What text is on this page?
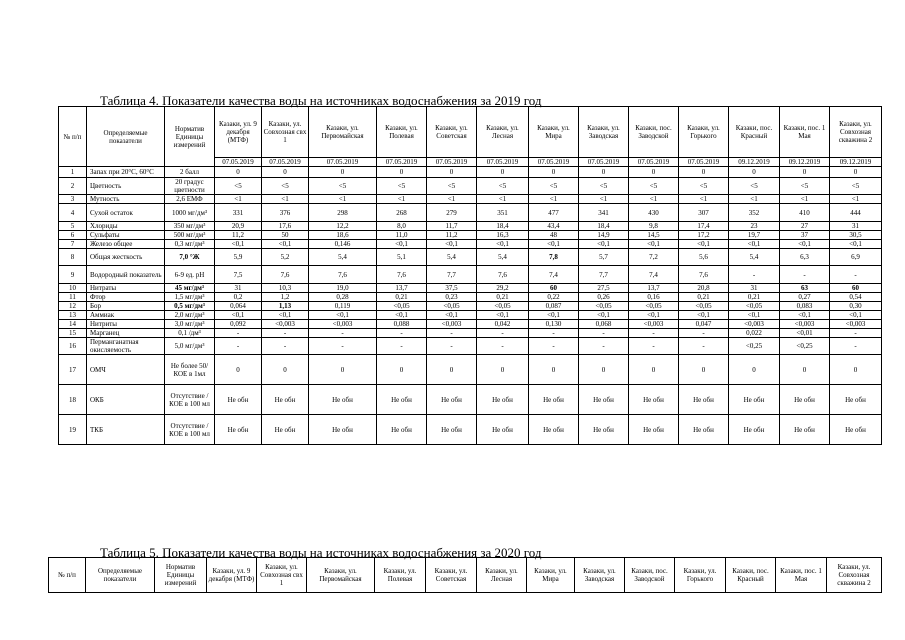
Таблица 4. Показатели качества воды на источниках водоснабжения за 2019 год
№ п/п	Определяемые показатели	Норматив Единицы измерений	Казаки, ул. 9 декабря (МТФ)	Казаки, ул. Совхозная свх 1	Казаки, ул. Первомайская	Казаки, ул. Полевая	Казаки, ул. Советская	Казаки, ул. Лесная	Казаки, ул. Мира	Казаки, ул. Заводская	Казаки, пос. Заводской	Казаки, ул. Горького	Казаки, пос. Красный	Казаки, пос. 1 Мая	Казаки, ул. Совхозная скважина 2
			07.05.2019	07.05.2019	07.05.2019	07.05.2019	07.05.2019	07.05.2019	07.05.2019	07.05.2019	07.05.2019	07.05.2019	09.12.2019	09.12.2019	09.12.2019
1	Запах при 20°С, 60°С	2 балл	0	0	0	0	0	0	0	0	0	0	0	0	0
2	Цветность	20 градус цветности	<5	<5	<5	<5	<5	<5	<5	<5	<5	<5	<5	<5	<5
3	Мутность	2,6 ЕМФ	<1	<1	<1	<1	<1	<1	<1	<1	<1	<1	<1	<1	<1
4	Сухой остаток	1000 мг/дм³	331	376	298	268	279	351	477	341	430	307	352	410	444
5	Хлориды	350 мг/дм³	20,9	17,6	12,2	8,0	11,7	18,4	43,4	18,4	9,8	17,4	23	27	31
6	Сульфаты	500 мг/дм³	11,2	50	18,6	11,0	11,2	16,3	48	14,9	14,5	17,2	19,7	37	30,5
7	Железо общее	0,3 мг/дм³	<0,1	<0,1	0,146	<0,1	<0,1	<0,1	<0,1	<0,1	<0,1	<0,1	<0,1	<0,1	<0,1
8	Общая жесткость	7,0 °Ж	5,9	5,2	5,4	5,1	5,4	5,4	7,8	5,7	7,2	5,6	5,4	6,3	6,9
9	Водородный показатель	6-9 ед. рН	7,5	7,6	7,6	7,6	7,7	7,6	7,4	7,7	7,4	7,6	-	-	-
10	Нитраты	45 мг/дм³	31	10,3	19,0	13,7	37,5	29,2	60	27,5	13,7	20,8	31	63	60
11	Фтор	1,5 мг/дм³	0,2	1,2	0,28	0,21	0,23	0,21	0,22	0,26	0,16	0,21	0,21	0,27	0,54
12	Бор	0,5 мг/дм³	0,064	1,13	0,119	<0,05	<0,05	<0,05	0,087	<0,05	<0,05	<0,05	<0,05	0,083	0,30
13	Аммиак	2,0 мг/дм³	<0,1	<0,1	<0,1	<0,1	<0,1	<0,1	<0,1	<0,1	<0,1	<0,1	<0,1	<0,1	<0,1
14	Нитриты	3,0 мг/дм³	0,092	<0,003	<0,003	0,088	<0,003	0,042	0,130	0,068	<0,003	0,047	<0,003	<0,003	<0,003
15	Марганец	0,1 /дм³	-	-	-	-	-	-	-	-	-	-	0,022	<0,01	-
16	Перманганатная окисляемость	5,0 мг/дм³	-	-	-	-	-	-	-	-	-	-	<0,25	<0,25	-
17	ОМЧ	Не более 50/КОЕ в 1мл	0	0	0	0	0	0	0	0	0	0	0	0	0
18	ОКБ	Отсутствие / КОЕ в 100 мл	Не обн	Не обн	Не обн	Не обн	Не обн	Не обн	Не обн	Не обн	Не обн	Не обн	Не обн	Не обн	Не обн
19	ТКБ	Отсутствие / КОЕ в 100 мл	Не обн	Не обн	Не обн	Не обн	Не обн	Не обн	Не обн	Не обн	Не обн	Не обн	Не обн	Не обн	Не обн
Таблица 5. Показатели качества воды на источниках водоснабжения за 2020 год
№ п/п	Определяемые показатели	Норматив Единицы измерений	Казаки, ул. 9 декабря (МТФ)	Казаки, ул. Совхозная свх 1	Казаки, ул. Первомайская	Казаки, ул. Полевая	Казаки, ул. Советская	Казаки, ул. Лесная	Казаки, ул. Мира	Казаки, ул. Заводская	Казаки, пос. Заводской	Казаки, ул. Горького	Казаки, пос. Красный	Казаки, пос. 1 Мая	Казаки, ул. Совхозная скважина 2
